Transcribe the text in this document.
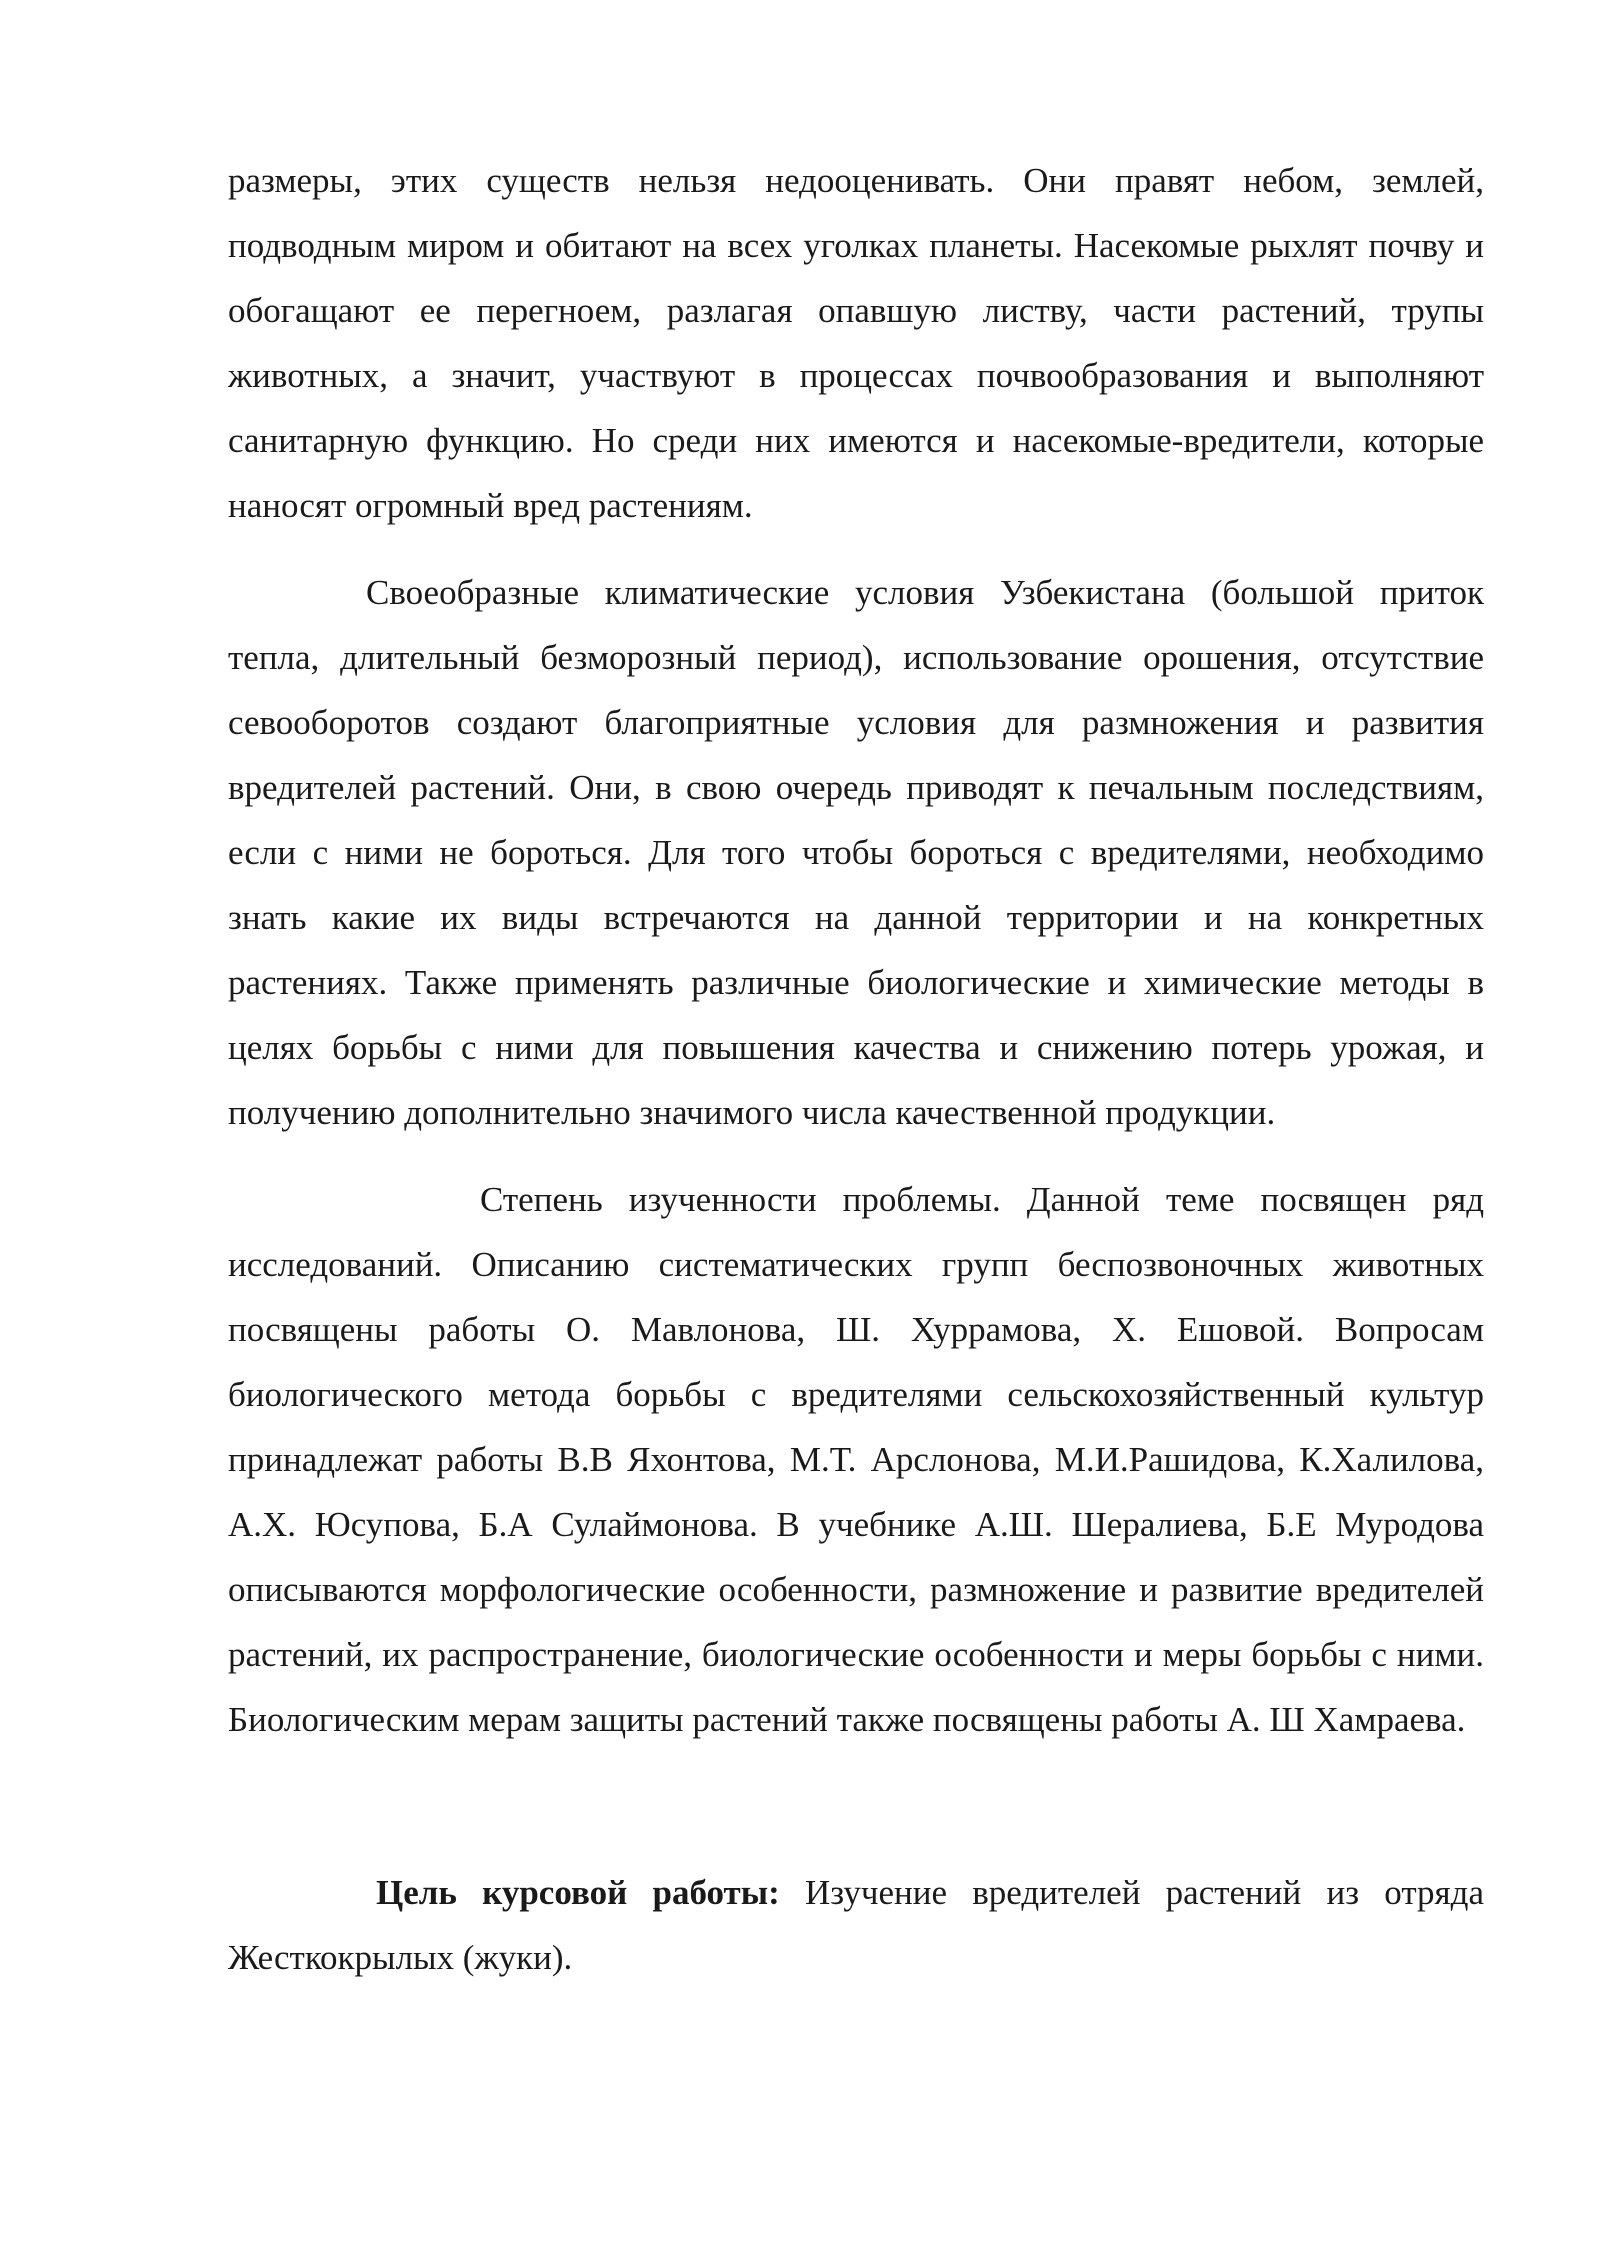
размеры, этих существ нельзя недооценивать. Они правят небом, землей, подводным миром и обитают на всех уголках планеты. Насекомые рыхлят почву и обогащают ее перегноем, разлагая опавшую листву, части растений, трупы животных, а значит, участвуют в процессах почвообразования и выполняют санитарную функцию. Но среди них имеются и насекомые-вредители, которые наносят огромный вред растениям.

Своеобразные климатические условия Узбекистана (большой приток тепла, длительный безморозный период), использование орошения, отсутствие севооборотов создают благоприятные условия для размножения и развития вредителей растений. Они, в свою очередь приводят к печальным последствиям, если с ними не бороться. Для того чтобы бороться с вредителями, необходимо знать какие их виды встречаются на данной территории и на конкретных растениях. Также применять различные биологические и химические методы в целях борьбы с ними для повышения качества и снижению потерь урожая, и получению дополнительно значимого числа качественной продукции.

Степень изученности проблемы. Данной теме посвящен ряд исследований. Описанию систематических групп беспозвоночных животных посвящены работы О. Мавлонова, Ш. Хуррамова, Х. Ешовой. Вопросам биологического метода борьбы с вредителями сельскохозяйственный культур принадлежат работы В.В Яхонтова, М.Т. Арслонова, М.И.Рашидова, К.Халилова, А.Х. Юсупова, Б.А Сулаймонова. В учебнике А.Ш. Шералиева, Б.Е Муродова описываются морфологические особенности, размножение и развитие вредителей растений, их распространение, биологические особенности и меры борьбы с ними. Биологическим мерам защиты растений также посвящены работы А. Ш Хамраева.

Цель курсовой работы: Изучение вредителей растений из отряда Жесткокрылых (жуки).
